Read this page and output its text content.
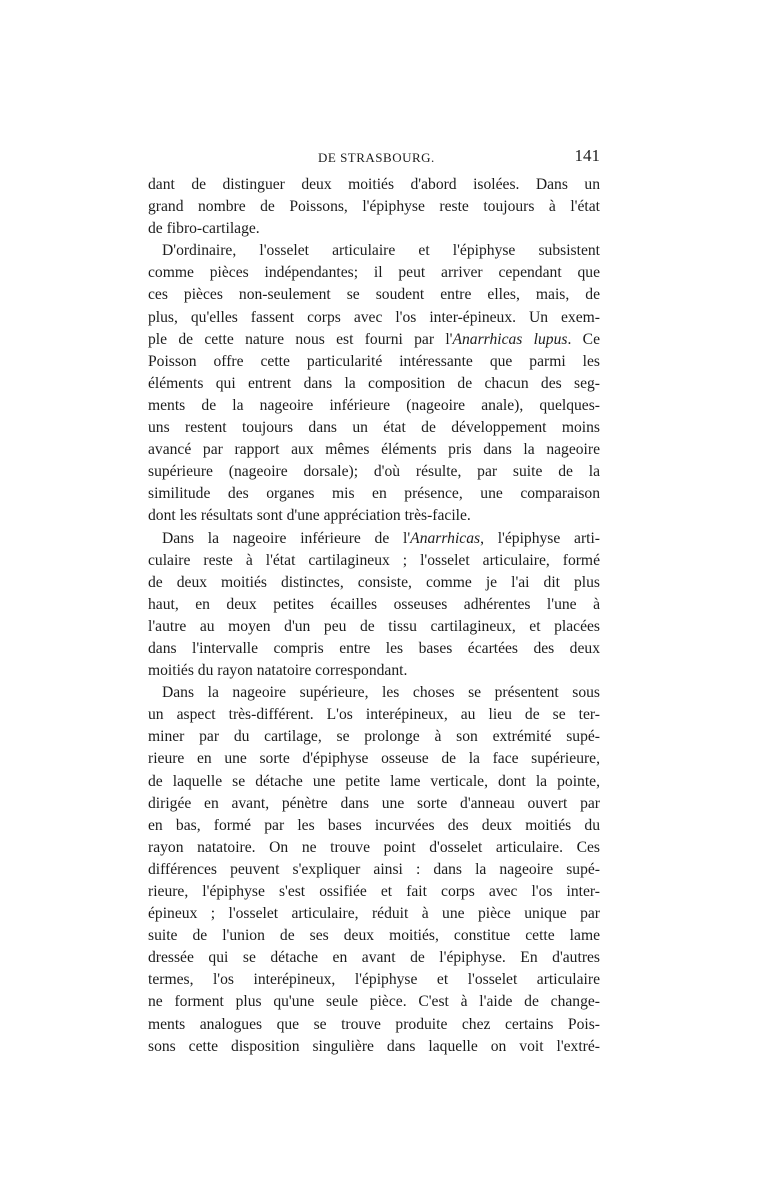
DE STRASBOURG.	141

dant de distinguer deux moitiés d'abord isolées. Dans un
grand nombre de Poissons, l'épiphyse reste toujours à l'état
de fibro-cartilage.

D'ordinaire, l'osselet articulaire et l'épiphyse subsistent
comme pièces indépendantes; il peut arriver cependant que
ces pièces non-seulement se soudent entre elles, mais, de
plus, qu'elles fassent corps avec l'os inter-épineux. Un exem-
ple de cette nature nous est fourni par l'Anarrhicas lupus. Ce
Poisson offre cette particularité intéressante que parmi les
éléments qui entrent dans la composition de chacun des seg-
ments de la nageoire inférieure (nageoire anale), quelques-
uns restent toujours dans un état de développement moins
avancé par rapport aux mêmes éléments pris dans la nageoire
supérieure (nageoire dorsale); d'où résulte, par suite de la
similitude des organes mis en présence, une comparaison
dont les résultats sont d'une appréciation très-facile.

Dans la nageoire inférieure de l'Anarrhicas, l'épiphyse arti-
culaire reste à l'état cartilagineux ; l'osselet articulaire, formé
de deux moitiés distinctes, consiste, comme je l'ai dit plus
haut, en deux petites écailles osseuses adhérentes l'une à
l'autre au moyen d'un peu de tissu cartilagineux, et placées
dans l'intervalle compris entre les bases écartées des deux
moitiés du rayon natatoire correspondant.

Dans la nageoire supérieure, les choses se présentent sous
un aspect très-différent. L'os interépineux, au lieu de se ter-
miner par du cartilage, se prolonge à son extrémité supé-
rieure en une sorte d'épiphyse osseuse de la face supérieure,
de laquelle se détache une petite lame verticale, dont la pointe,
dirigée en avant, pénètre dans une sorte d'anneau ouvert par
en bas, formé par les bases incurvées des deux moitiés du
rayon natatoire. On ne trouve point d'osselet articulaire. Ces
différences peuvent s'expliquer ainsi : dans la nageoire supé-
rieure, l'épiphyse s'est ossifiée et fait corps avec l'os inter-
épineux ; l'osselet articulaire, réduit à une pièce unique par
suite de l'union de ses deux moitiés, constitue cette lame
dressée qui se détache en avant de l'épiphyse. En d'autres
termes, l'os interépineux, l'épiphyse et l'osselet articulaire
ne forment plus qu'une seule pièce. C'est à l'aide de change-
ments analogues que se trouve produite chez certains Pois-
sons cette disposition singulière dans laquelle on voit l'extré-
